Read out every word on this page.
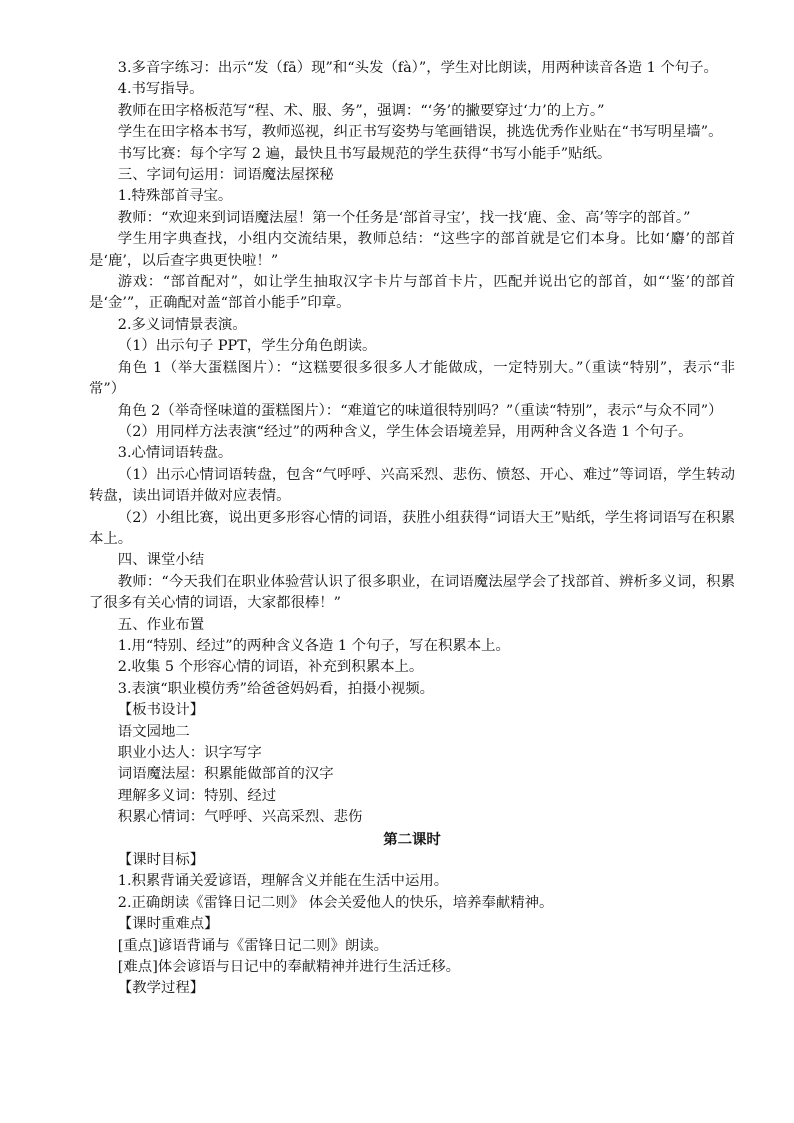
3.多音字练习：出示“发（fā）现”和“头发（fà）”，学生对比朗读，用两种读音各造 1 个句子。

4.书写指导。

教师在田字格板范写“程、术、服、务”，强调：“‘务’的撇要穿过‘力’的上方。”

学生在田字格本书写，教师巡视，纠正书写姿势与笔画错误，挑选优秀作业贴在“书写明星墙”。

书写比赛：每个字写 2 遍，最快且书写最规范的学生获得“书写小能手”贴纸。

三、字词句运用：词语魔法屋探秘

1.特殊部首寻宝。

教师：“欢迎来到词语魔法屋！第一个任务是‘部首寻宝’，找一找‘鹿、金、高’等字的部首。”

学生用字典查找，小组内交流结果，教师总结：“这些字的部首就是它们本身。比如‘麝’的部首是‘鹿’，以后查字典更快啦！”

游戏：“部首配对”，如让学生抽取汉字卡片与部首卡片，匹配并说出它的部首，如“‘鉴’的部首是‘金’”，正确配对盖“部首小能手”印章。

2.多义词情景表演。

（1）出示句子 PPT，学生分角色朗读。

角色 1（举大蛋糕图片）：“这糕要很多很多人才能做成，一定特别大。”（重读“特别”，表示“非常”）

角色 2（举奇怪味道的蛋糕图片）：“难道它的味道很特别吗？”（重读“特别”，表示“与众不同”）

（2）用同样方法表演“经过”的两种含义，学生体会语境差异，用两种含义各造 1 个句子。

3.心情词语转盘。

（1）出示心情词语转盘，包含“气呼呼、兴高采烈、悲伤、愤怒、开心、难过”等词语，学生转动转盘，读出词语并做对应表情。

（2）小组比赛，说出更多形容心情的词语，获胜小组获得“词语大王”贴纸，学生将词语写在积累本上。

四、课堂小结

教师：“今天我们在职业体验营认识了很多职业，在词语魔法屋学会了找部首、辨析多义词，积累了很多有关心情的词语，大家都很棒！”

五、作业布置

1.用“特别、经过”的两种含义各造 1 个句子，写在积累本上。

2.收集 5 个形容心情的词语，补充到积累本上。

3.表演“职业模仿秀”给爸爸妈妈看，拍摄小视频。

【板书设计】

语文园地二

职业小达人：识字写字

词语魔法屋：积累能做部首的汉字

理解多义词：特别、经过

积累心情词：气呼呼、兴高采烈、悲伤

第二课时

【课时目标】

1.积累背诵关爱谚语，理解含义并能在生活中运用。

2.正确朗读《雷锋日记二则》 体会关爱他人的快乐，培养奉献精神。

【课时重难点】

[重点]谚语背诵与《雷锋日记二则》朗读。

[难点]体会谚语与日记中的奉献精神并进行生活迁移。

【教学过程】
